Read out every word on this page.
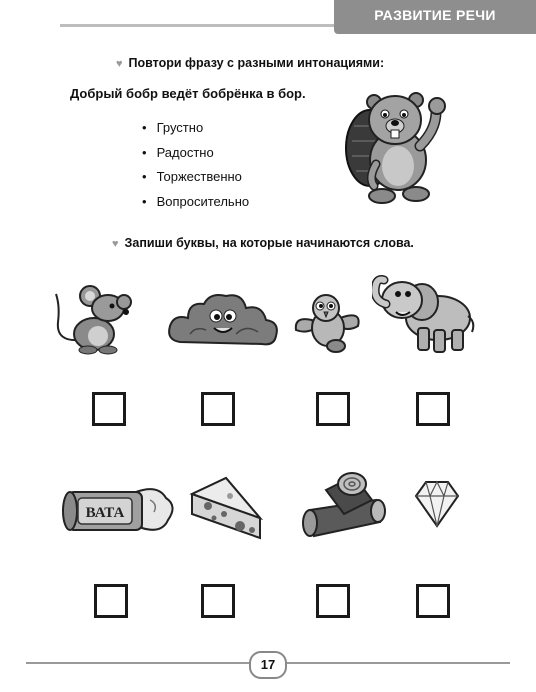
РАЗВИТИЕ РЕЧИ
♥ Повтори фразу с разными интонациями:
Добрый бобр ведёт бобрёнка в бор.
• Грустно
• Радостно
• Торжественно
• Вопросительно
♥ Запиши буквы, на которые начинаются слова.
ВАТА
17
